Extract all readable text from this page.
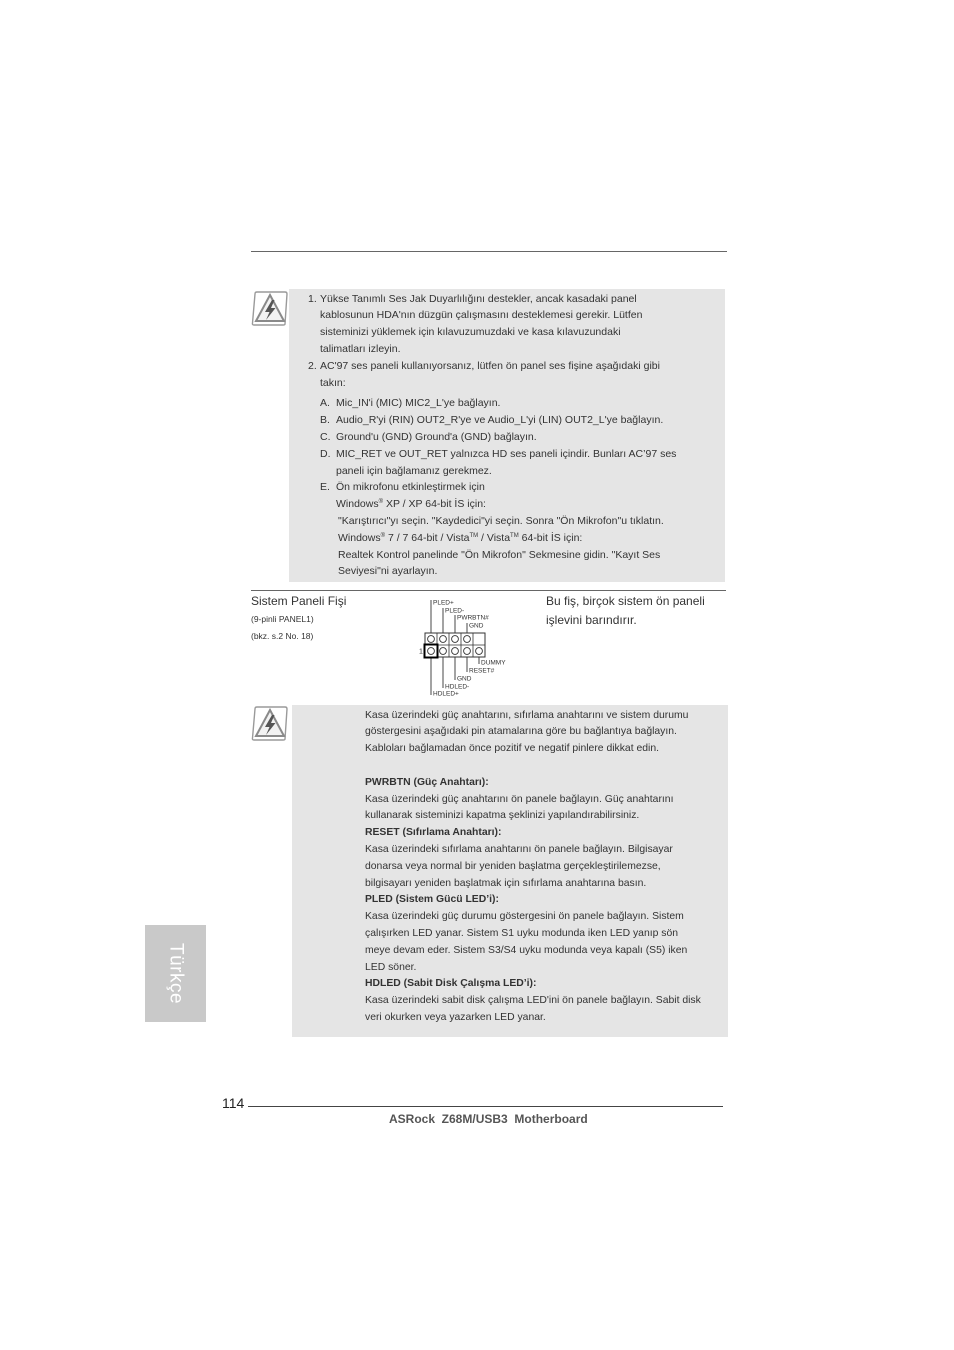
1. Yükse Tanımlı Ses Jak Duyarlılığını destekler, ancak kasadaki panel
kablosunun HDA'nın düzgün çalışmasını desteklemesi gerekir. Lütfen
sisteminizi yüklemek için kılavuzumuzdaki ve kasa kılavuzundaki
talimatları izleyin.
2. AC'97 ses paneli kullanıyorsanız, lütfen ön panel ses fişine aşağıdaki gibi
takın:
A. Mic_IN'i (MIC) MIC2_L'ye bağlayın.
B. Audio_R'yi (RIN) OUT2_R'ye ve Audio_L'yi (LIN) OUT2_L'ye bağlayın.
C. Ground'u (GND) Ground'a (GND) bağlayın.
D. MIC_RET ve OUT_RET yalnızca HD ses paneli içindir. Bunları AC’97 ses
paneli için bağlamanız gerekmez.
E. Ön mikrofonu etkinleştirmek için
Windows® XP / XP 64-bit İS için:
"Karıştırıcı"yı seçin. "Kaydedici"yi seçin. Sonra "Ön Mikrofon"u tıklatın.
Windows® 7 / 7 64-bit / Vista™ / Vista™ 64-bit İS için:
Realtek Kontrol panelinde "Ön Mikrofon" Sekmesine gidin. "Kayıt Ses
Seviyesi"ni ayarlayın.
Sistem Paneli Fişi
(9-pinli PANEL1)
(bkz. s.2 No. 18)
Bu fiş, birçok sistem ön paneli
işlevini barındırır.
1
PLED+
PLED-
PWRBTN#
GND
HDLED+
HDLED-
GND
RESET#
DUMMY
Kasa üzerindeki güç anahtarını, sıfırlama anahtarını ve sistem durumu
göstergesini aşağıdaki pin atamalarına göre bu bağlantıya bağlayın.
Kabloları bağlamadan önce pozitif ve negatif pinlere dikkat edin.
PWRBTN (Güç Anahtarı):
Kasa üzerindeki güç anahtarını ön panele bağlayın. Güç anahtarını
kullanarak sisteminizi kapatma şeklinizi yapılandırabilirsiniz.
RESET (Sıfırlama Anahtarı):
Kasa üzerindeki sıfırlama anahtarını ön panele bağlayın. Bilgisayar
donarsa veya normal bir yeniden başlatma gerçekleştirilemezse,
bilgisayarı yeniden başlatmak için sıfırlama anahtarına basın.
PLED (Sistem Gücü LED’i):
Kasa üzerindeki güç durumu göstergesini ön panele bağlayın. Sistem
çalışırken LED yanar. Sistem S1 uyku modunda iken LED yanıp sön
meye devam eder. Sistem S3/S4 uyku modunda veya kapalı (S5) iken
LED söner.
HDLED (Sabit Disk Çalışma LED’i):
Kasa üzerindeki sabit disk çalışma LED'ini ön panele bağlayın. Sabit disk
veri okurken veya yazarken LED yanar.
Türkçe
114
ASRock  Z68M/USB3  Motherboard
